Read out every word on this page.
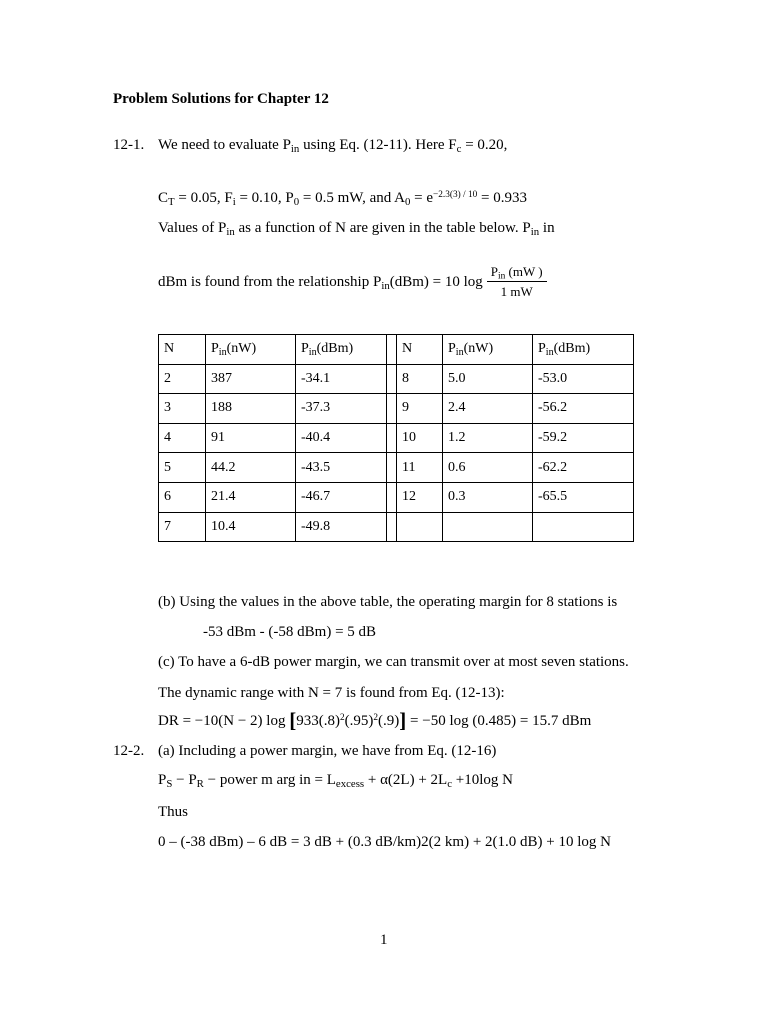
Problem Solutions for Chapter 12
12-1. We need to evaluate $P_{in}$ using Eq. (12-11). Here $F_c = 0.20$,
$C_T = 0.05$, $F_i = 0.10$, $P_0 = 0.5$ mW, and $A_0 = e^{-2.3(3) / 10} = 0.933$
Values of $P_{in}$ as a function of N are given in the table below. $P_{in}$ in
dBm is found from the relationship $P_{in}(dBm) = 10$ $\log \frac{P_{in} (mW )}{1 mW}$
N	$P_{in}(nW)$	$P_{in}(dBm)$		N	$P_{in}(nW)$	$P_{in}(dBm)$
2	387	-34.1		8	5.0	-53.0
3	188	-37.3		9	2.4	-56.2
4	91	-40.4		10	1.2	-59.2
5	44.2	-43.5		11	0.6	-62.2
6	21.4	-46.7		12	0.3	-65.5
7	10.4	-49.8				
(b) Using the values in the above table, the operating margin for 8 stations is
-53 dBm - (-58 dBm) = 5 dB
(c) To have a 6-dB power margin, we can transmit over at most seven stations.
The dynamic range with N = 7 is found from Eq. (12-13):
DR = −10(N − 2) $\log [933(.8)^2(.95)^2(.9)] = -50$ log (0.485) = 15.7 dBm
12-2. (a) Including a power margin, we have from Eq. (12-16)
$P_S - P_R$ − power m arg in = $L_{excess} + \alpha(2L) + 2L_c +10\log$ N
Thus
0 – (-38 dBm) – 6 dB = 3 dB + (0.3 dB/km)2(2 km) + 2(1.0 dB) + 10 log N
1
